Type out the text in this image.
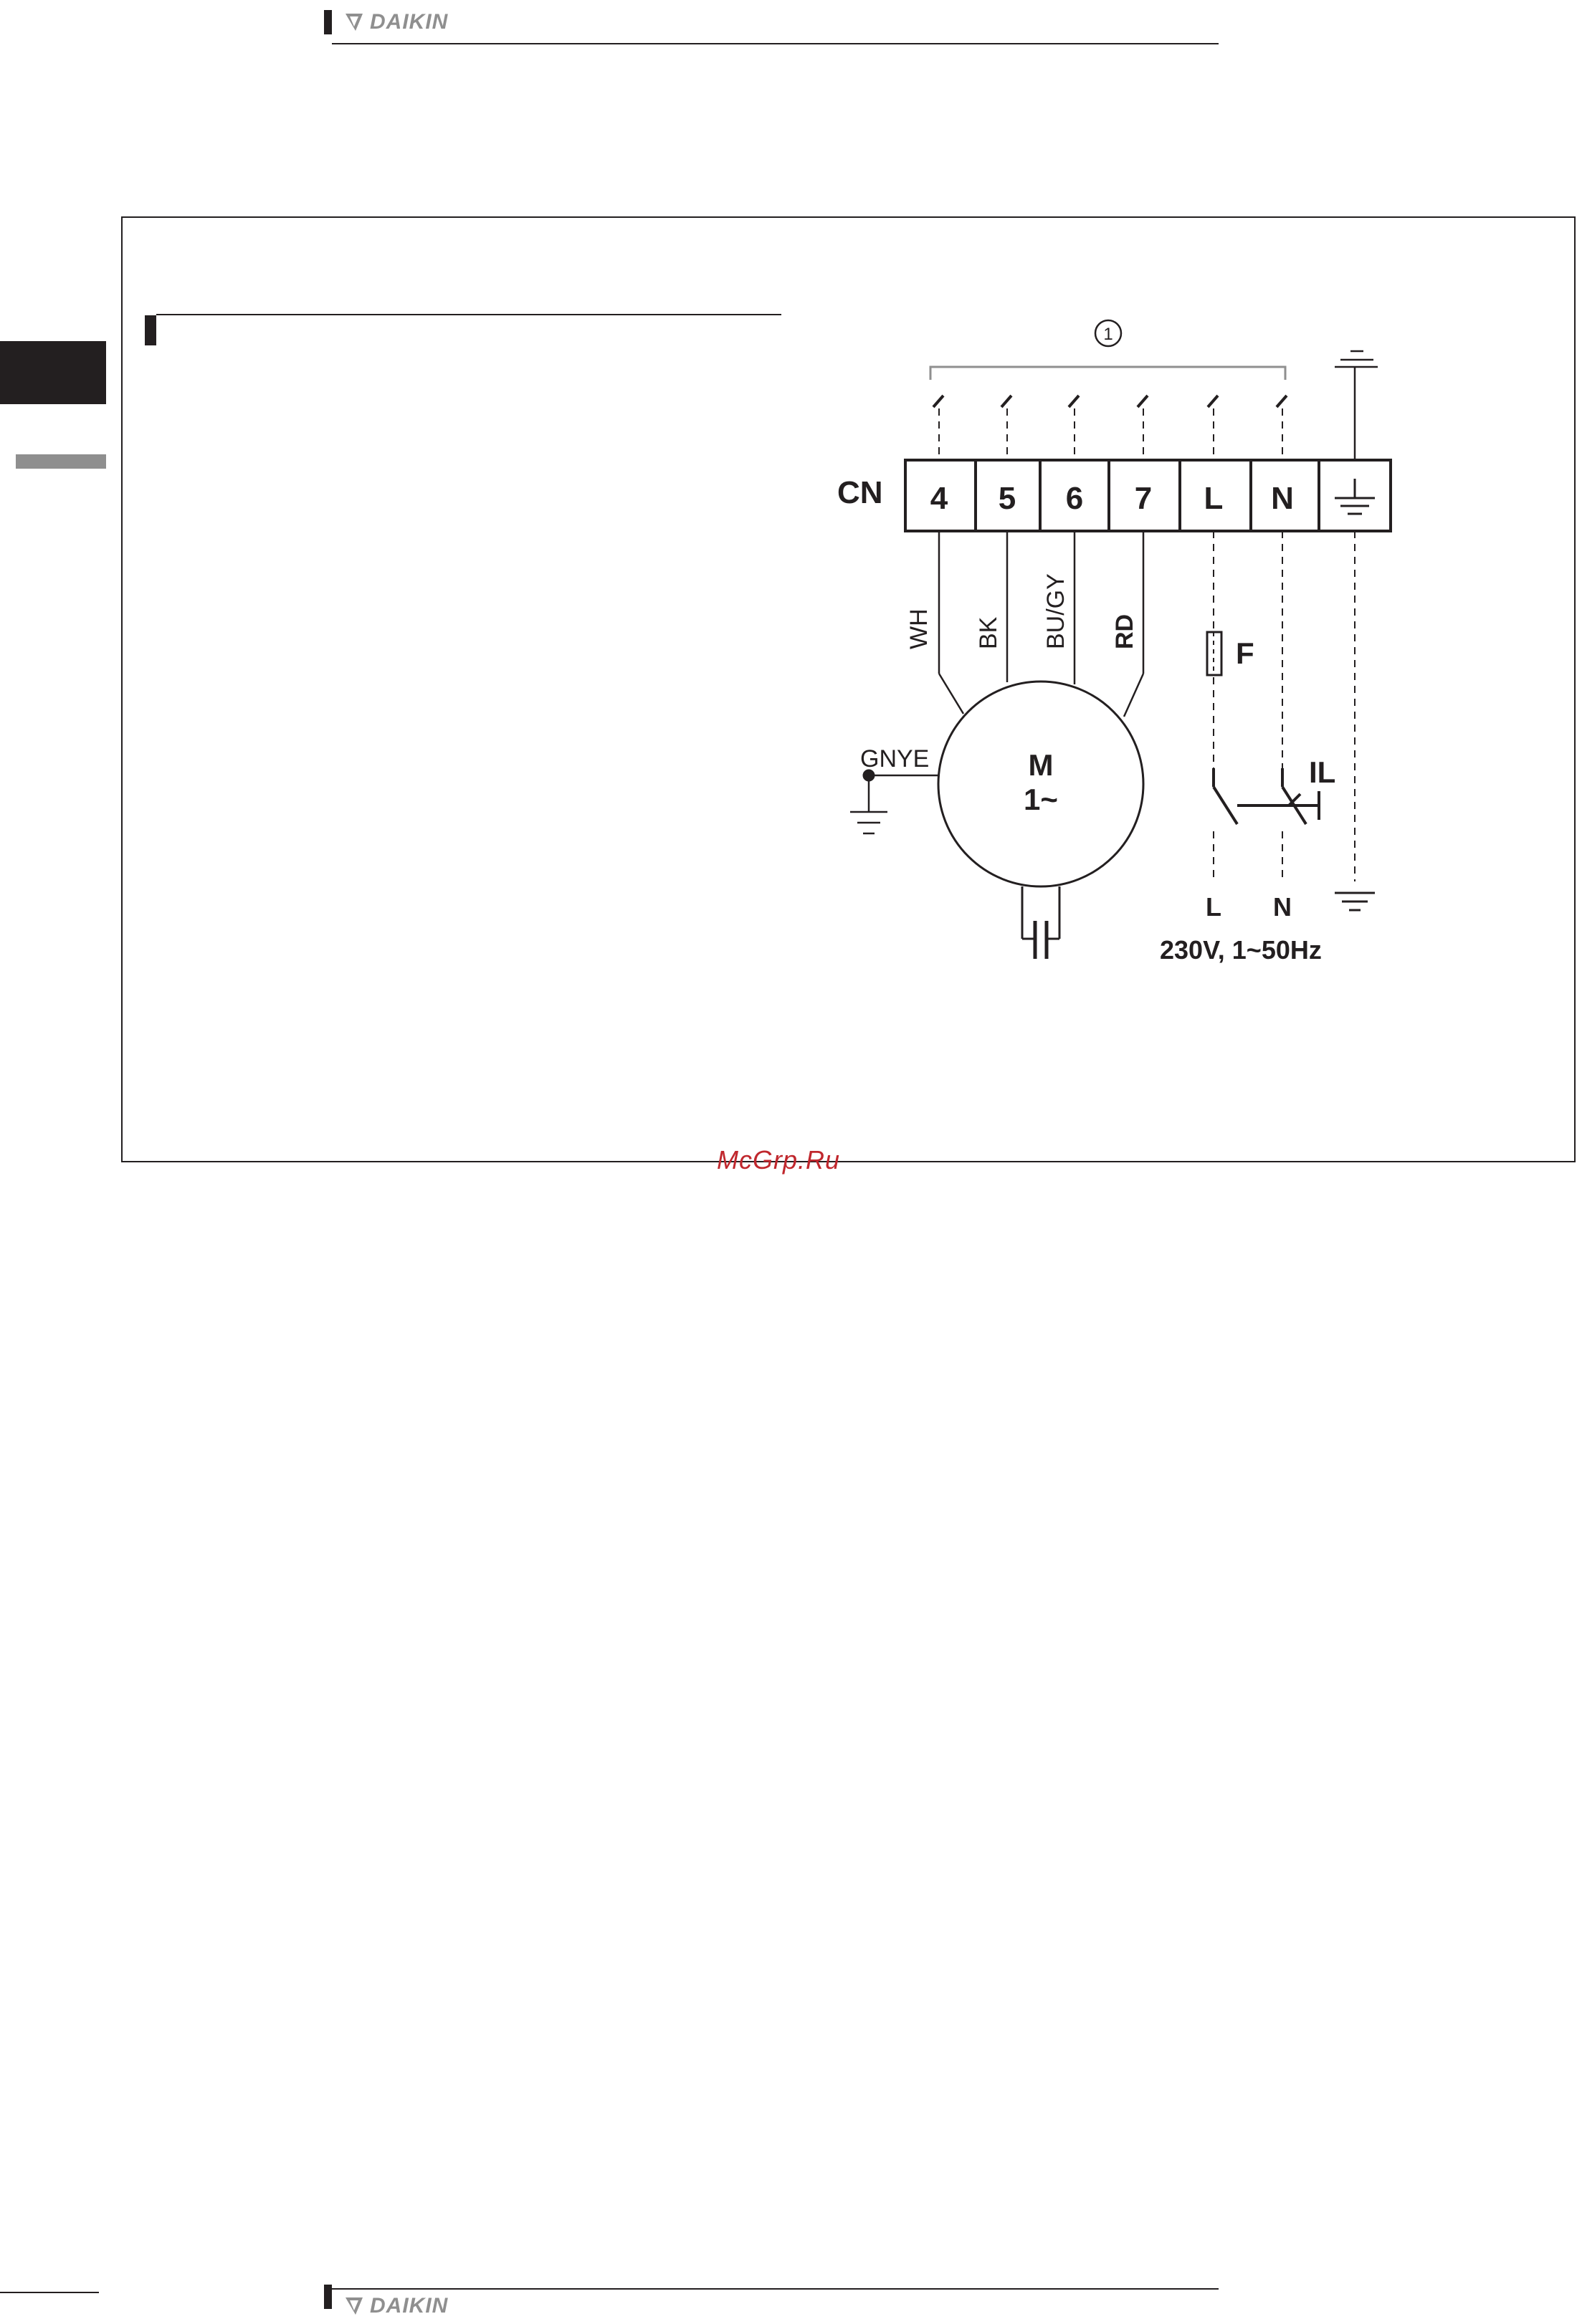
DAIKIN
1
CN 4 5 6 7 L N
WH BK BU/GY RD
GNYE	M
1~
F
IL
L N
230V, 1~50Hz
McGrp.Ru
DAIKIN
